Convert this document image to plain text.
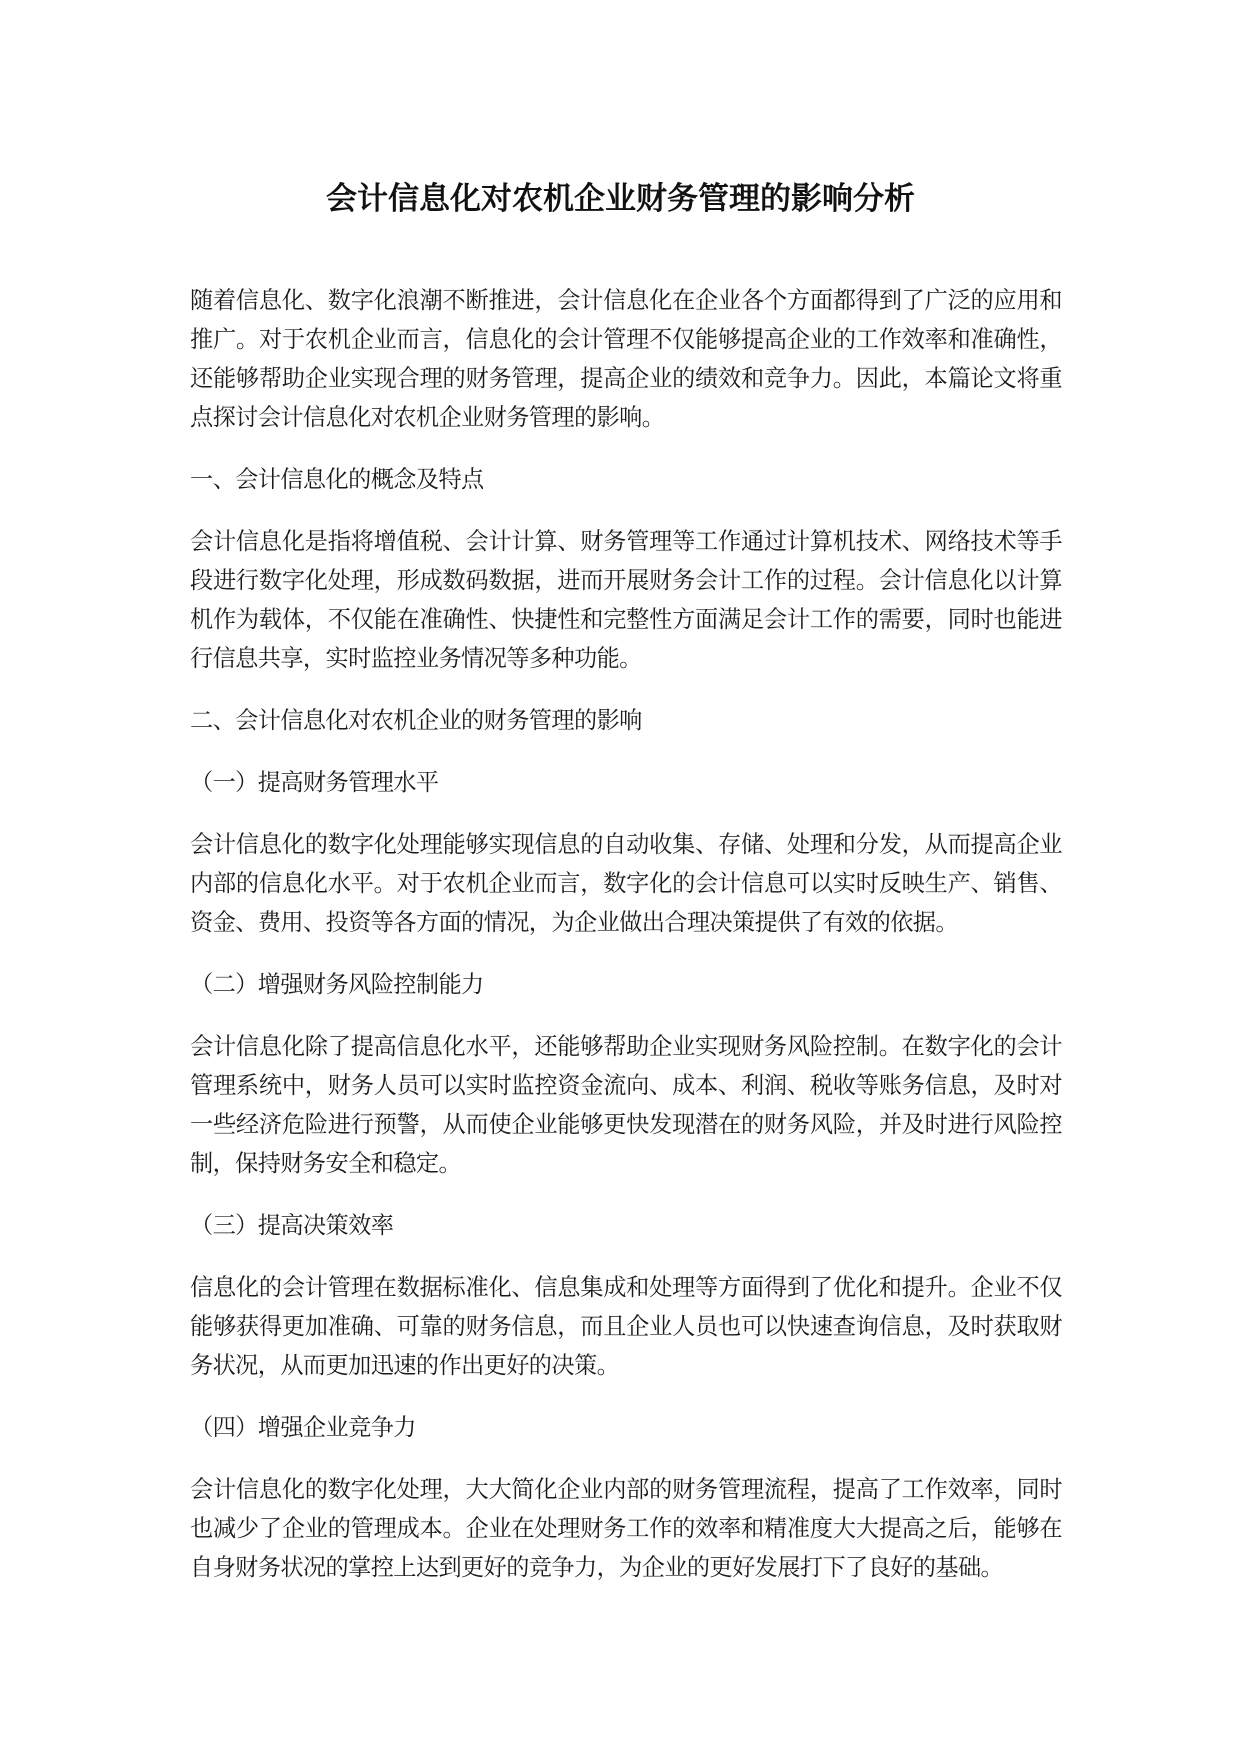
会计信息化对农机企业财务管理的影响分析

随着信息化、数字化浪潮不断推进，会计信息化在企业各个方面都得到了广泛的应用和推广。对于农机企业而言，信息化的会计管理不仅能够提高企业的工作效率和准确性，还能够帮助企业实现合理的财务管理，提高企业的绩效和竞争力。因此，本篇论文将重点探讨会计信息化对农机企业财务管理的影响。

一、会计信息化的概念及特点

会计信息化是指将增值税、会计计算、财务管理等工作通过计算机技术、网络技术等手段进行数字化处理，形成数码数据，进而开展财务会计工作的过程。会计信息化以计算机作为载体，不仅能在准确性、快捷性和完整性方面满足会计工作的需要，同时也能进行信息共享，实时监控业务情况等多种功能。

二、会计信息化对农机企业的财务管理的影响

（一）提高财务管理水平

会计信息化的数字化处理能够实现信息的自动收集、存储、处理和分发，从而提高企业内部的信息化水平。对于农机企业而言，数字化的会计信息可以实时反映生产、销售、资金、费用、投资等各方面的情况，为企业做出合理决策提供了有效的依据。

（二）增强财务风险控制能力

会计信息化除了提高信息化水平，还能够帮助企业实现财务风险控制。在数字化的会计管理系统中，财务人员可以实时监控资金流向、成本、利润、税收等账务信息，及时对一些经济危险进行预警，从而使企业能够更快发现潜在的财务风险，并及时进行风险控制，保持财务安全和稳定。

（三）提高决策效率

信息化的会计管理在数据标准化、信息集成和处理等方面得到了优化和提升。企业不仅能够获得更加准确、可靠的财务信息，而且企业人员也可以快速查询信息，及时获取财务状况，从而更加迅速的作出更好的决策。

（四）增强企业竞争力

会计信息化的数字化处理，大大简化企业内部的财务管理流程，提高了工作效率，同时也减少了企业的管理成本。企业在处理财务工作的效率和精准度大大提高之后，能够在自身财务状况的掌控上达到更好的竞争力，为企业的更好发展打下了良好的基础。
